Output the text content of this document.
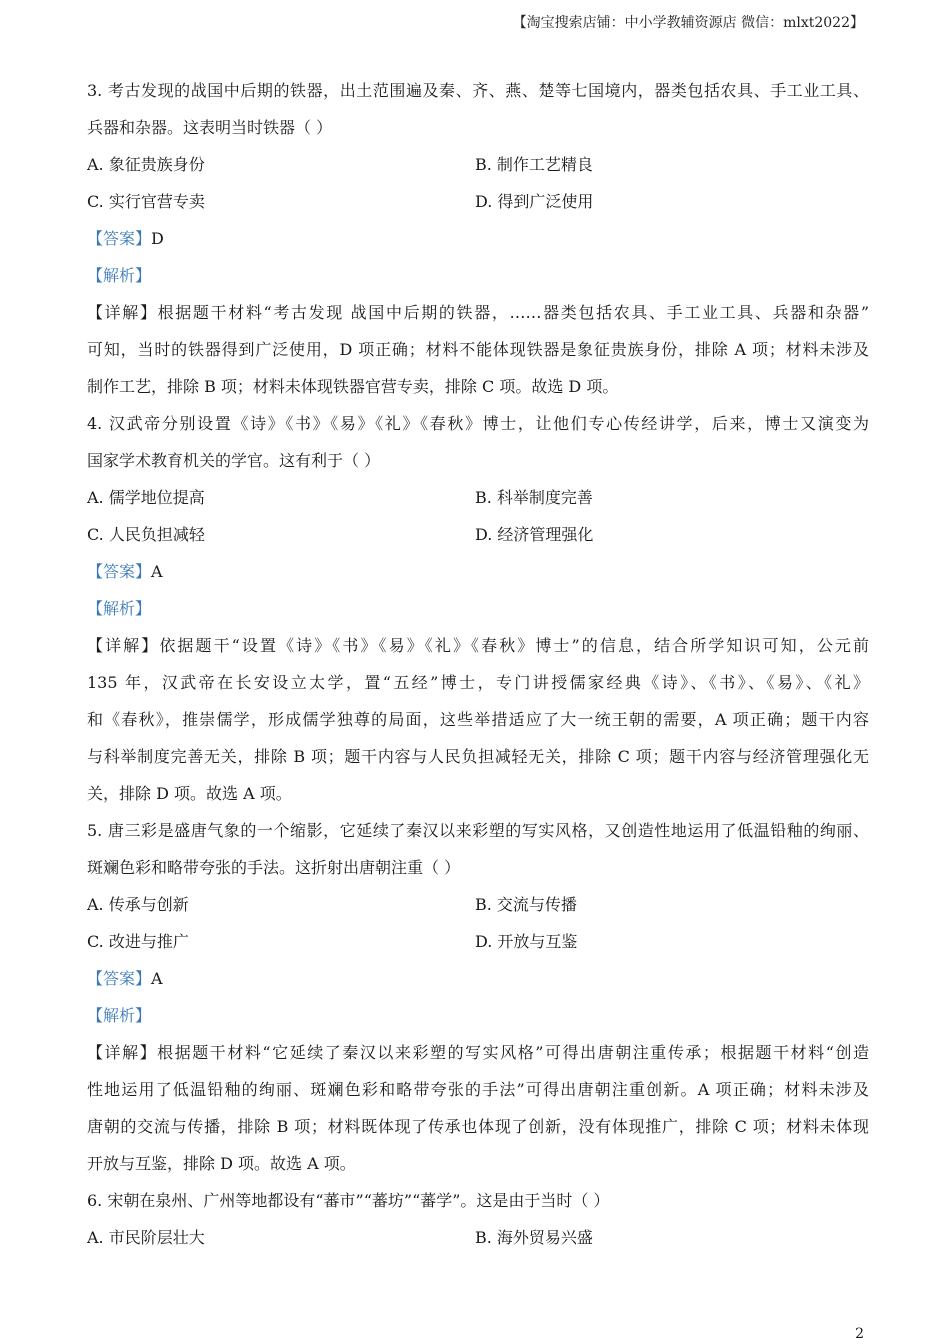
【淘宝搜索店铺：中小学教辅资源店 微信：mlxt2022】
3. 考古发现的战国中后期的铁器，出土范围遍及秦、齐、燕、楚等七国境内，器类包括农具、手工业工具、
兵器和杂器。这表明当时铁器（ ）
A. 象征贵族身份	B. 制作工艺精良
C. 实行官营专卖	D. 得到广泛使用
【答案】D
【解析】
【详解】根据题干材料“考古发现 战国中后期的铁器，……器类包括农具、手工业工具、兵器和杂器”
可知，当时的铁器得到广泛使用，D 项正确；材料不能体现铁器是象征贵族身份，排除 A 项；材料未涉及
制作工艺，排除 B 项；材料未体现铁器官营专卖，排除 C 项。故选 D 项。
4. 汉武帝分别设置《诗》《书》《易》《礼》《春秋》博士，让他们专心传经讲学，后来，博士又演变为
国家学术教育机关的学官。这有利于（ ）
A. 儒学地位提高	B. 科举制度完善
C. 人民负担减轻	D. 经济管理强化
【答案】A
【解析】
【详解】依据题干“设置《诗》《书》《易》《礼》《春秋》博士”的信息，结合所学知识可知，公元前
135 年，汉武帝在长安设立太学，置“五经”博士，专门讲授儒家经典《诗》、《书》、《易》、《礼》
和《春秋》，推崇儒学，形成儒学独尊的局面，这些举措适应了大一统王朝的需要，A 项正确；题干内容
与科举制度完善无关，排除 B 项；题干内容与人民负担减轻无关，排除 C 项；题干内容与经济管理强化无
关，排除 D 项。故选 A 项。
5. 唐三彩是盛唐气象的一个缩影，它延续了秦汉以来彩塑的写实风格，又创造性地运用了低温铅釉的绚丽、
斑斓色彩和略带夸张的手法。这折射出唐朝注重（ ）
A. 传承与创新	B. 交流与传播
C. 改进与推广	D. 开放与互鉴
【答案】A
【解析】
【详解】根据题干材料“它延续了秦汉以来彩塑的写实风格”可得出唐朝注重传承；根据题干材料“创造
性地运用了低温铅釉的绚丽、斑斓色彩和略带夸张的手法”可得出唐朝注重创新。A 项正确；材料未涉及
唐朝的交流与传播，排除 B 项；材料既体现了传承也体现了创新，没有体现推广，排除 C 项；材料未体现
开放与互鉴，排除 D 项。故选 A 项。
6. 宋朝在泉州、广州等地都设有“蕃市”“蕃坊”“蕃学”。这是由于当时（ ）
A. 市民阶层壮大	B. 海外贸易兴盛
2
